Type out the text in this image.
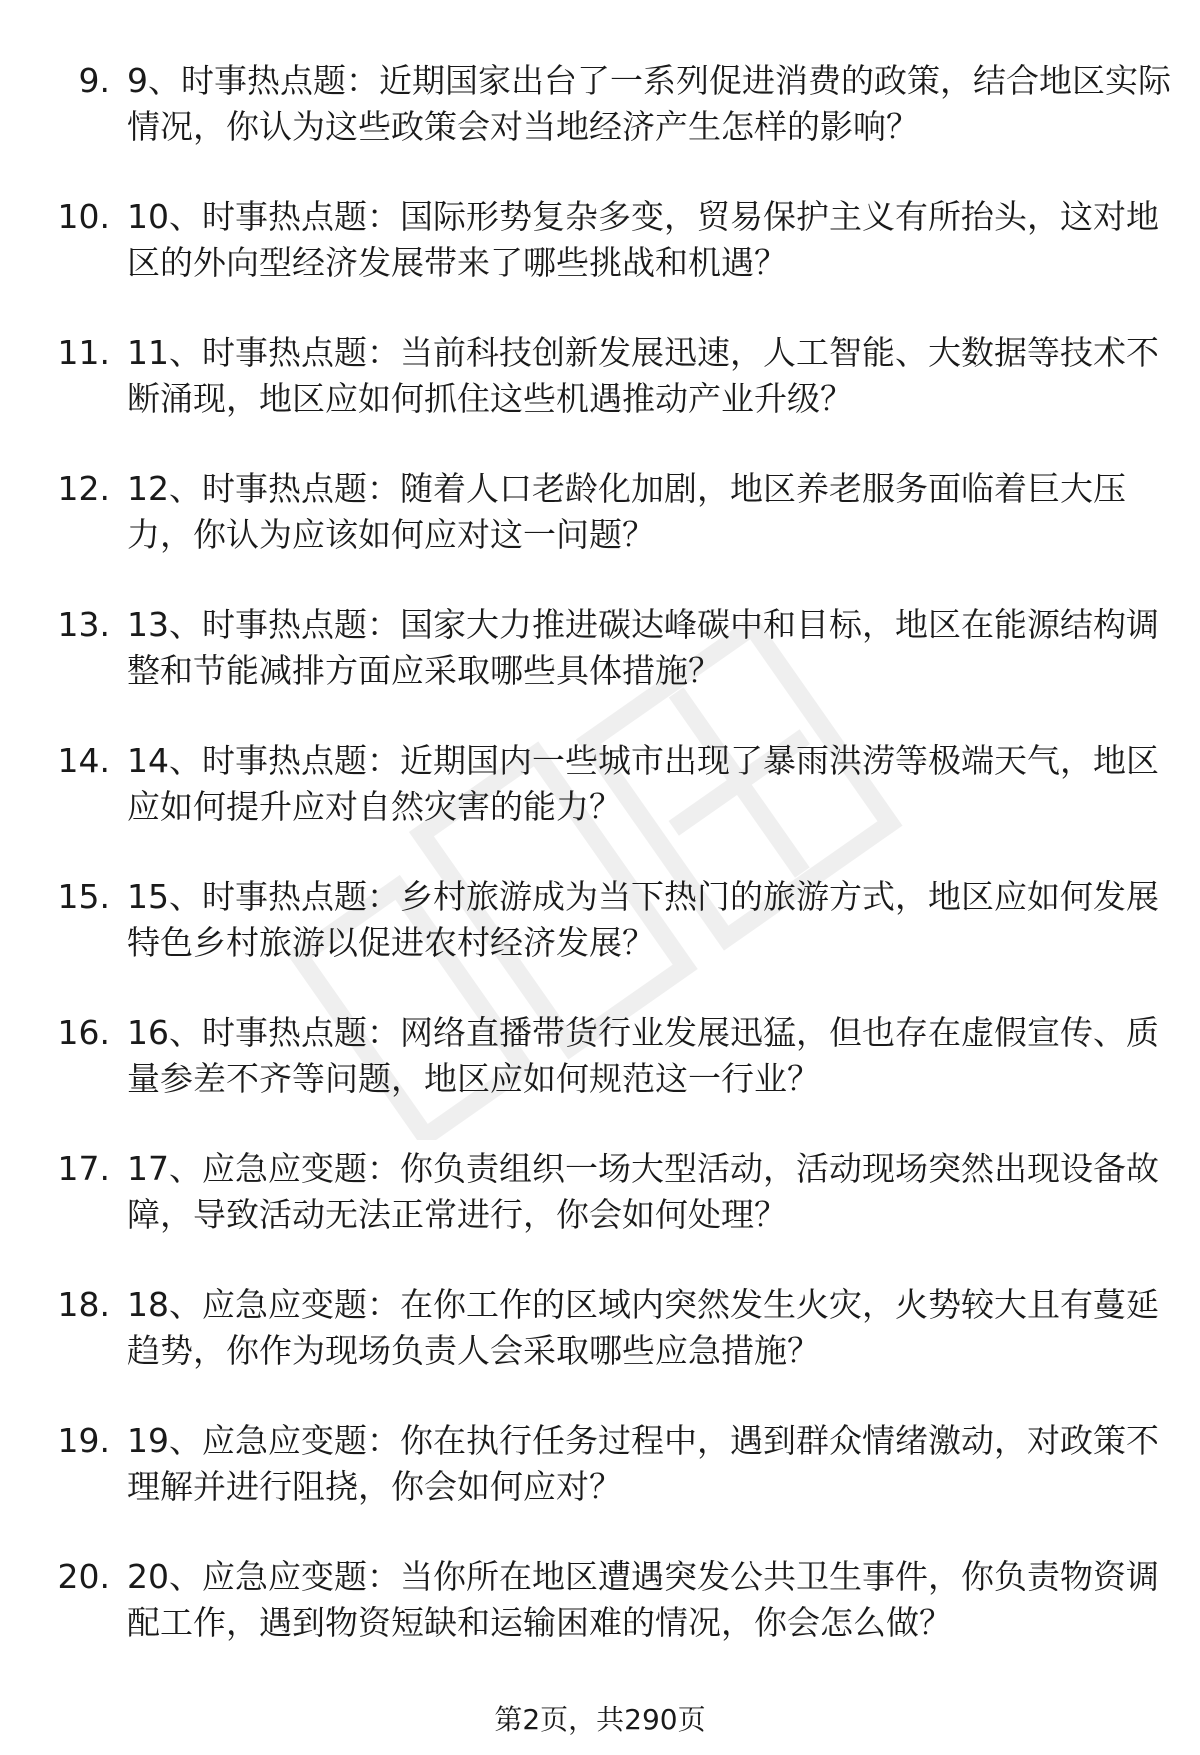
9. 9、时事热点题：近期国家出台了一系列促进消费的政策，结合地区实际情况，你认为这些政策会对当地经济产生怎样的影响？
10. 10、时事热点题：国际形势复杂多变，贸易保护主义有所抬头，这对地区的外向型经济发展带来了哪些挑战和机遇？
11. 11、时事热点题：当前科技创新发展迅速，人工智能、大数据等技术不断涌现，地区应如何抓住这些机遇推动产业升级？
12. 12、时事热点题：随着人口老龄化加剧，地区养老服务面临着巨大压力，你认为应该如何应对这一问题？
13. 13、时事热点题：国家大力推进碳达峰碳中和目标，地区在能源结构调整和节能减排方面应采取哪些具体措施？
14. 14、时事热点题：近期国内一些城市出现了暴雨洪涝等极端天气，地区应如何提升应对自然灾害的能力？
15. 15、时事热点题：乡村旅游成为当下热门的旅游方式，地区应如何发展特色乡村旅游以促进农村经济发展？
16. 16、时事热点题：网络直播带货行业发展迅猛，但也存在虚假宣传、质量参差不齐等问题，地区应如何规范这一行业？
17. 17、应急应变题：你负责组织一场大型活动，活动现场突然出现设备故障，导致活动无法正常进行，你会如何处理？
18. 18、应急应变题：在你工作的区域内突然发生火灾，火势较大且有蔓延趋势，你作为现场负责人会采取哪些应急措施？
19. 19、应急应变题：你在执行任务过程中，遇到群众情绪激动，对政策不理解并进行阻挠，你会如何应对？
20. 20、应急应变题：当你所在地区遭遇突发公共卫生事件，你负责物资调配工作，遇到物资短缺和运输困难的情况，你会怎么做？
第2页，共290页
